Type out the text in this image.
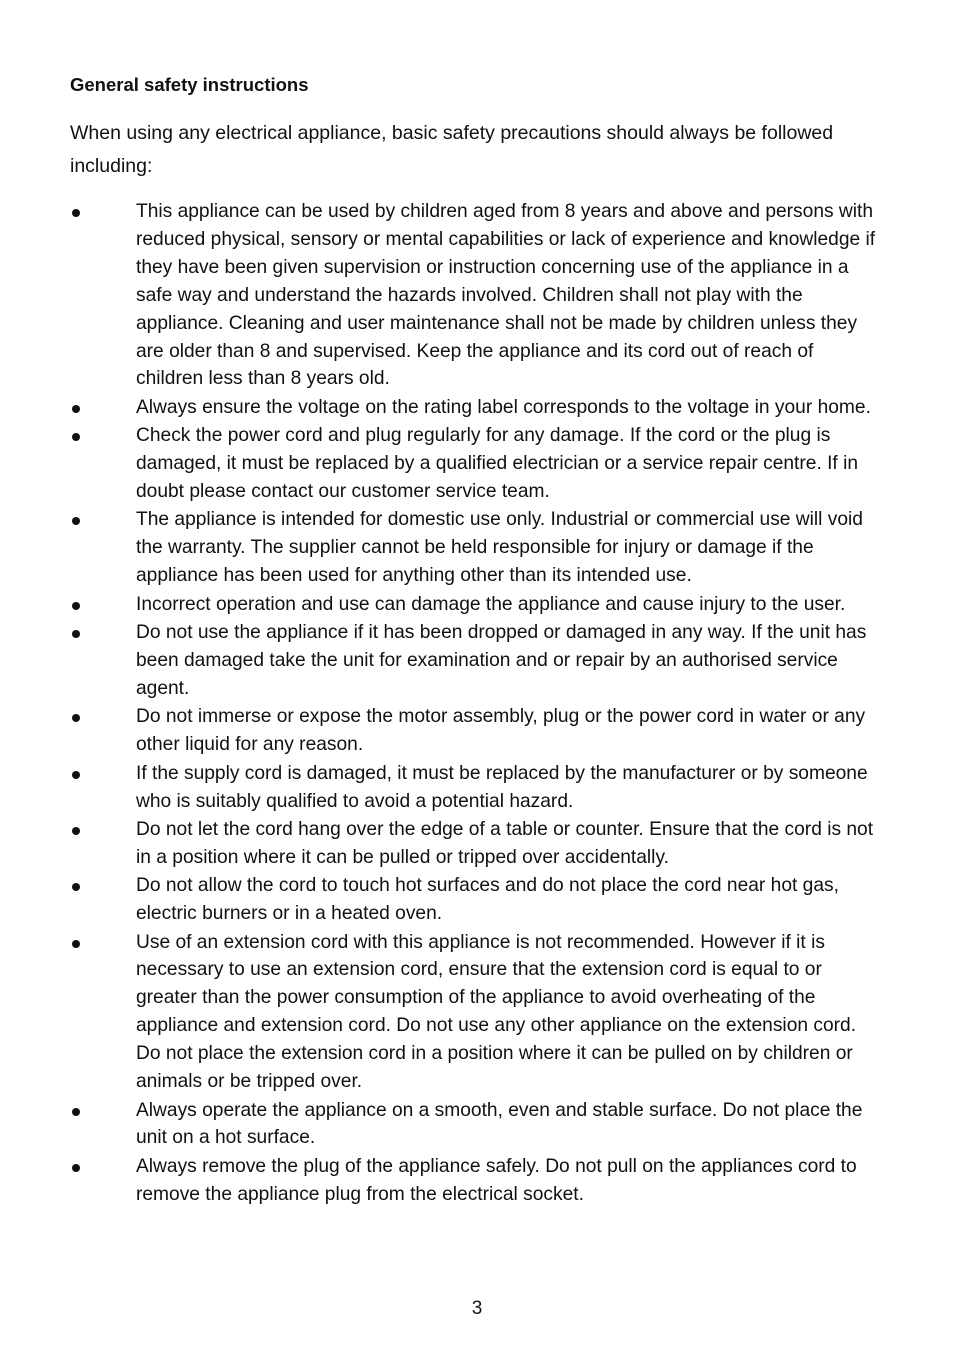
General safety instructions

When using any electrical appliance, basic safety precautions should always be followed including:

This appliance can be used by children aged from 8 years and above and persons with reduced physical, sensory or mental capabilities or lack of experience and knowledge if they have been given supervision or instruction concerning use of the appliance in a safe way and understand the hazards involved. Children shall not play with the appliance. Cleaning and user maintenance shall not be made by children unless they are older than 8 and supervised. Keep the appliance and its cord out of reach of children less than 8 years old.
Always ensure the voltage on the rating label corresponds to the voltage in your home.
Check the power cord and plug regularly for any damage. If the cord or the plug is damaged, it must be replaced by a qualified electrician or a service repair centre. If in doubt please contact our customer service team.
The appliance is intended for domestic use only. Industrial or commercial use will void the warranty. The supplier cannot be held responsible for injury or damage if the appliance has been used for anything other than its intended use.
Incorrect operation and use can damage the appliance and cause injury to the user.
Do not use the appliance if it has been dropped or damaged in any way. If the unit has been damaged take the unit for examination and or repair by an authorised service agent.
Do not immerse or expose the motor assembly, plug or the power cord in water or any other liquid for any reason.
If the supply cord is damaged, it must be replaced by the manufacturer or by someone who is suitably qualified to avoid a potential hazard.
Do not let the cord hang over the edge of a table or counter. Ensure that the cord is not in a position where it can be pulled or tripped over accidentally.
Do not allow the cord to touch hot surfaces and do not place the cord near hot gas, electric burners or in a heated oven.
Use of an extension cord with this appliance is not recommended. However if it is necessary to use an extension cord, ensure that the extension cord is equal to or greater than the power consumption of the appliance to avoid overheating of the appliance and extension cord. Do not use any other appliance on the extension cord. Do not place the extension cord in a position where it can be pulled on by children or animals or be tripped over.
Always operate the appliance on a smooth, even and stable surface. Do not place the unit on a hot surface.
Always remove the plug of the appliance safely. Do not pull on the appliances cord to remove the appliance plug from the electrical socket.
3
